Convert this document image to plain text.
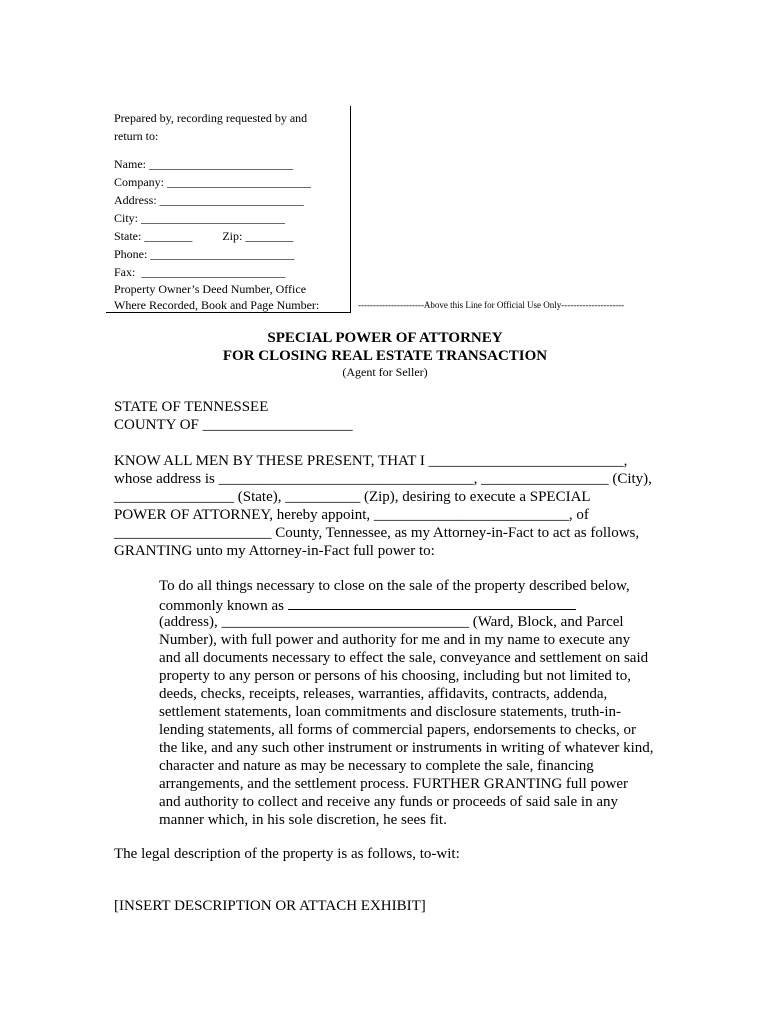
Prepared by, recording requested by and
return to:
Name: ________________________
Company: ________________________
Address: ________________________
City: ________________________
State: ________          Zip: ________
Phone: ________________________
Fax:  ________________________
Property Owner’s Deed Number, Office
Where Recorded, Book and Page Number:	----------------------Above this Line for Official Use Only---------------------
SPECIAL POWER OF ATTORNEY
FOR CLOSING REAL ESTATE TRANSACTION
(Agent for Seller)
STATE OF TENNESSEE
COUNTY OF ____________________
KNOW ALL MEN BY THESE PRESENT, THAT I __________________________,
whose address is __________________________________, _________________ (City),
________________ (State), __________ (Zip), desiring to execute a SPECIAL
POWER OF ATTORNEY, hereby appoint, __________________________, of
_____________________ County, Tennessee, as my Attorney-in-Fact to act as follows,
GRANTING unto my Attorney-in-Fact full power to:
To do all things necessary to close on the sale of the property described below,
commonly known as
(address), _________________________________ (Ward, Block, and Parcel
Number), with full power and authority for me and in my name to execute any
and all documents necessary to effect the sale, conveyance and settlement on said
property to any person or persons of his choosing, including but not limited to,
deeds, checks, receipts, releases, warranties, affidavits, contracts, addenda,
settlement statements, loan commitments and disclosure statements, truth-in-
lending statements, all forms of commercial papers, endorsements to checks, or
the like, and any such other instrument or instruments in writing of whatever kind,
character and nature as may be necessary to complete the sale, financing
arrangements, and the settlement process. FURTHER GRANTING full power
and authority to collect and receive any funds or proceeds of said sale in any
manner which, in his sole discretion, he sees fit.
The legal description of the property is as follows, to-wit:
[INSERT DESCRIPTION OR ATTACH EXHIBIT]
